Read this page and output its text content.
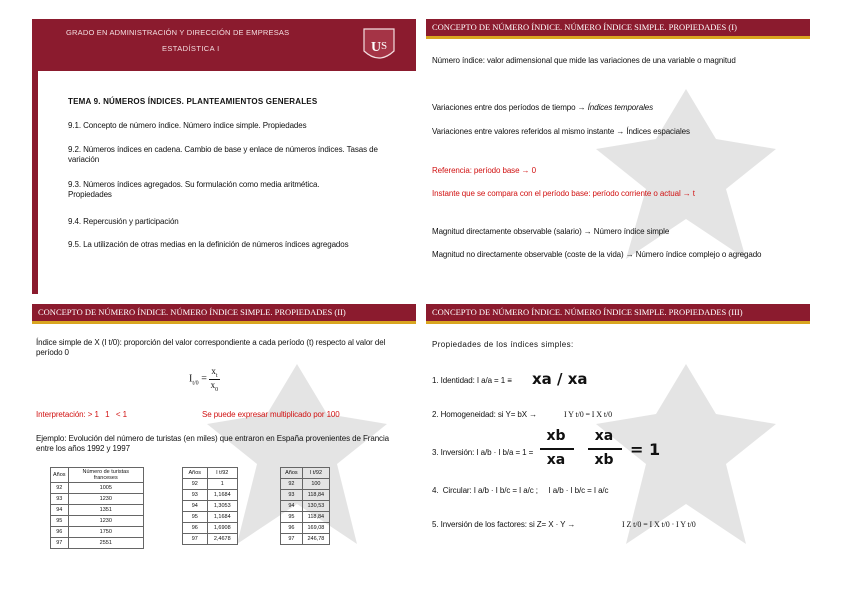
GRADO EN ADMINISTRACIÓN Y DIRECCIÓN DE EMPRESAS
ESTADÍSTICA I	U S
TEMA 9. NÚMEROS ÍNDICES. PLANTEAMIENTOS GENERALES
9.1. Concepto de número índice. Número índice simple. Propiedades
9.2. Números índices en cadena. Cambio de base y enlace de números índices. Tasas de variación
9.3. Números índices agregados. Su formulación como media aritmética. Propiedades
9.4. Repercusión y participación
9.5. La utilización de otras medias en la definición de números índices agregados
CONCEPTO DE NÚMERO ÍNDICE. NÚMERO ÍNDICE SIMPLE. PROPIEDADES (I)
Número índice: valor adimensional que mide las variaciones de una variable o magnitud
Variaciones entre dos períodos de tiempo → Índices temporales
Variaciones entre valores referidos al mismo instante → Índices espaciales
Referencia: período base → 0
Instante que se compara con el período base: período corriente o actual → t
Magnitud directamente observable (salario) → Número índice simple
Magnitud no directamente observable (coste de la vida) → Número índice complejo o agregado
CONCEPTO DE NÚMERO ÍNDICE. NÚMERO ÍNDICE SIMPLE. PROPIEDADES (II)
Índice simple de X (I t/0): proporción del valor correspondiente a cada período (t) respecto al valor del período 0
$I_{t/0} = \frac{x_t}{x_0}$
Interpretación: > 1   1   < 1	Se puede expresar multiplicado por 100
Ejemplo: Evolución del número de turistas (en miles) que entraron en España provenientes de Francia entre los años 1992 y 1997
Años	Número de turistas franceses
92	1005
93	1230
94	1351
95	1230
96	1750
97	2551
Años	I t/92
92	1
93	1,1684
94	1,3053
95	1,1684
96	1,6908
97	2,4678
Años	I t/92
92	100
93	118,84
94	130,53
95	118,84
96	169,08
97	246,78
CONCEPTO DE NÚMERO ÍNDICE. NÚMERO ÍNDICE SIMPLE. PROPIEDADES (III)
Propiedades de los índices simples:
1. Identidad: I a/a = 1 ≡ xa / xa
2. Homogeneidad: si Y= bX →	I Y t/0 = I X t/0
3. Inversión: I a/b · I b/a = 1 =
xb
xa
xa
xb
= 1
4.  Circular: I a/b · I b/c = I a/c ;     I a/b · I b/c = I a/c
5. Inversión de los factores: si Z= X · Y →	I Z t/0 = I X t/0 · I Y t/0
